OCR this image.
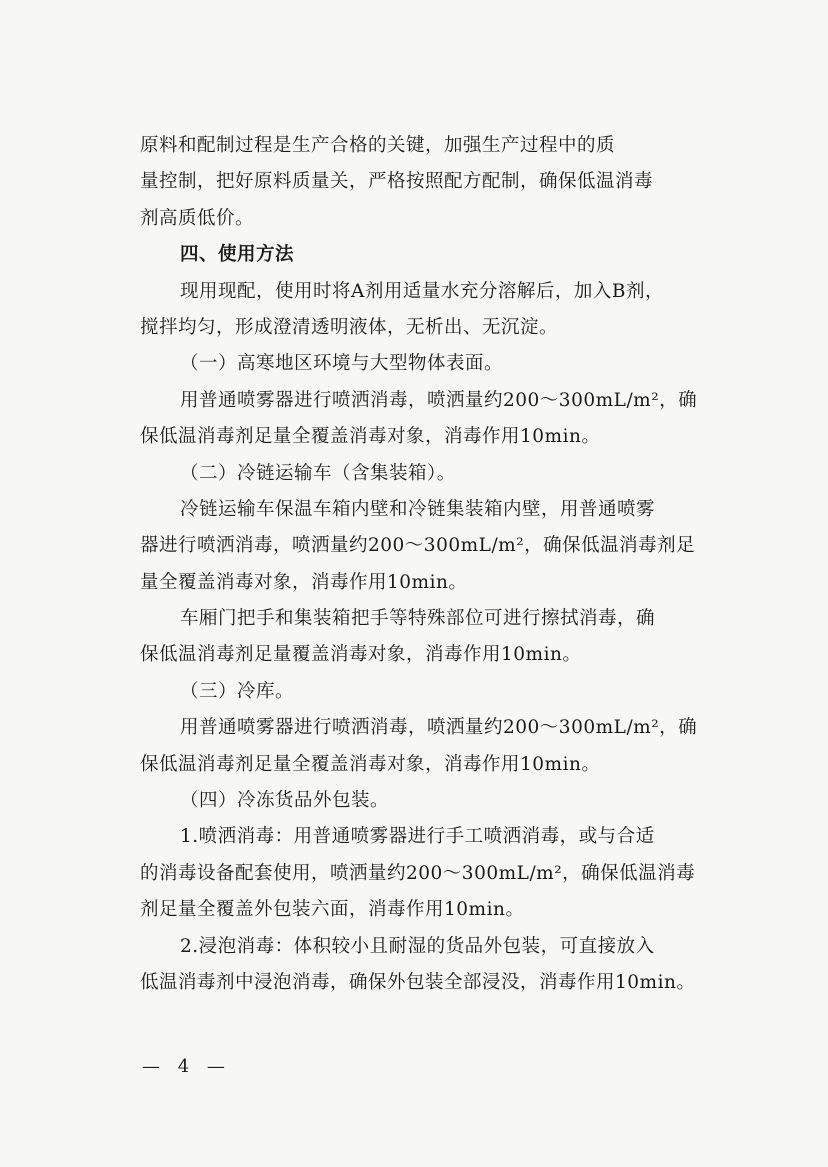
原料和配制过程是生产合格的关键，加强生产过程中的质
量控制，把好原料质量关，严格按照配方配制，确保低温消毒
剂高质低价。
四、使用方法
现用现配，使用时将A剂用适量水充分溶解后，加入B剂，
搅拌均匀，形成澄清透明液体，无析出、无沉淀。
（一）高寒地区环境与大型物体表面。
用普通喷雾器进行喷洒消毒，喷洒量约200～300mL/m²，确
保低温消毒剂足量全覆盖消毒对象，消毒作用10min。
（二）冷链运输车（含集装箱）。
冷链运输车保温车箱内壁和冷链集装箱内壁，用普通喷雾
器进行喷洒消毒，喷洒量约200～300mL/m²，确保低温消毒剂足
量全覆盖消毒对象，消毒作用10min。
车厢门把手和集装箱把手等特殊部位可进行擦拭消毒，确
保低温消毒剂足量覆盖消毒对象，消毒作用10min。
（三）冷库。
用普通喷雾器进行喷洒消毒，喷洒量约200～300mL/m²，确
保低温消毒剂足量全覆盖消毒对象，消毒作用10min。
（四）冷冻货品外包装。
1.喷洒消毒：用普通喷雾器进行手工喷洒消毒，或与合适
的消毒设备配套使用，喷洒量约200～300mL/m²，确保低温消毒
剂足量全覆盖外包装六面，消毒作用10min。
2.浸泡消毒：体积较小且耐湿的货品外包装，可直接放入
低温消毒剂中浸泡消毒，确保外包装全部浸没，消毒作用10min。
— 4 —
